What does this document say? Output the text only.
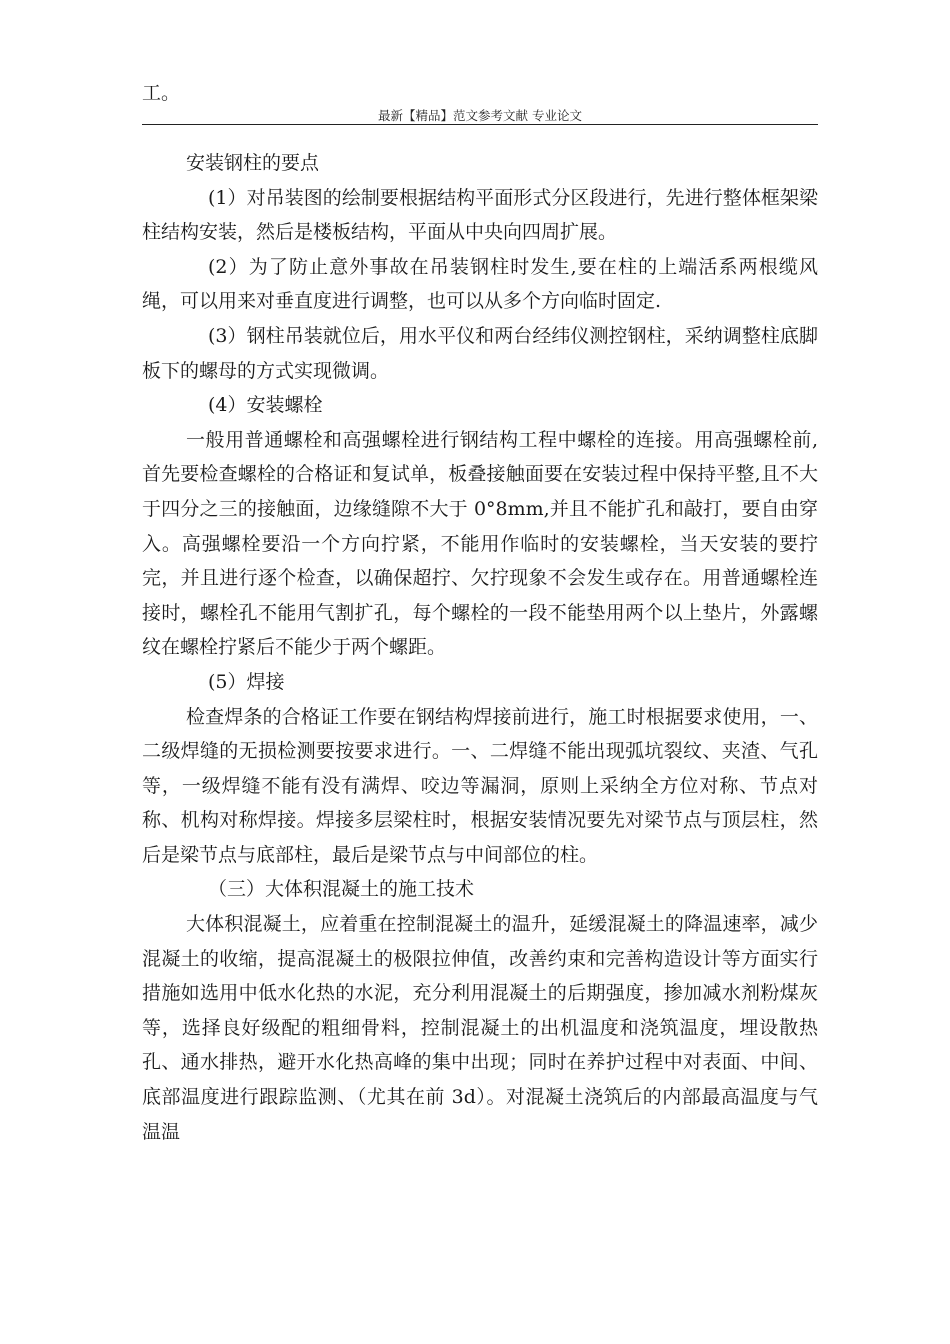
工。
最新【精品】范文参考文献 专业论文

安装钢柱的要点

(1）对吊装图的绘制要根据结构平面形式分区段进行，先进行整体框架梁柱结构安装，然后是楼板结构，平面从中央向四周扩展。

(2）为了防止意外事故在吊装钢柱时发生,要在柱的上端活系两根缆风绳，可以用来对垂直度进行调整，也可以从多个方向临时固定.

(3）钢柱吊装就位后，用水平仪和两台经纬仪测控钢柱，采纳调整柱底脚板下的螺母的方式实现微调。

(4）安装螺栓

一般用普通螺栓和高强螺栓进行钢结构工程中螺栓的连接。用高强螺栓前,首先要检查螺栓的合格证和复试单，板叠接触面要在安装过程中保持平整,且不大于四分之三的接触面，边缘缝隙不大于 0°8mm,并且不能扩孔和敲打，要自由穿入。高强螺栓要沿一个方向拧紧，不能用作临时的安装螺栓，当天安装的要拧完，并且进行逐个检查，以确保超拧、欠拧现象不会发生或存在。用普通螺栓连接时，螺栓孔不能用气割扩孔，每个螺栓的一段不能垫用两个以上垫片，外露螺纹在螺栓拧紧后不能少于两个螺距。

(5）焊接

检查焊条的合格证工作要在钢结构焊接前进行，施工时根据要求使用，一、二级焊缝的无损检测要按要求进行。一、二焊缝不能出现弧坑裂纹、夹渣、气孔等，一级焊缝不能有没有满焊、咬边等漏洞，原则上采纳全方位对称、节点对称、机构对称焊接。焊接多层梁柱时，根据安装情况要先对梁节点与顶层柱，然后是梁节点与底部柱，最后是梁节点与中间部位的柱。

（三）大体积混凝土的施工技术

大体积混凝土，应着重在控制混凝土的温升，延缓混凝土的降温速率，减少混凝土的收缩，提高混凝土的极限拉伸值，改善约束和完善构造设计等方面实行措施如选用中低水化热的水泥，充分利用混凝土的后期强度，掺加减水剂粉煤灰等，选择良好级配的粗细骨料，控制混凝土的出机温度和浇筑温度，埋设散热孔、通水排热，避开水化热高峰的集中出现；同时在养护过程中对表面、中间、底部温度进行跟踪监测、（尤其在前 3d）。对混凝土浇筑后的内部最高温度与气温温
